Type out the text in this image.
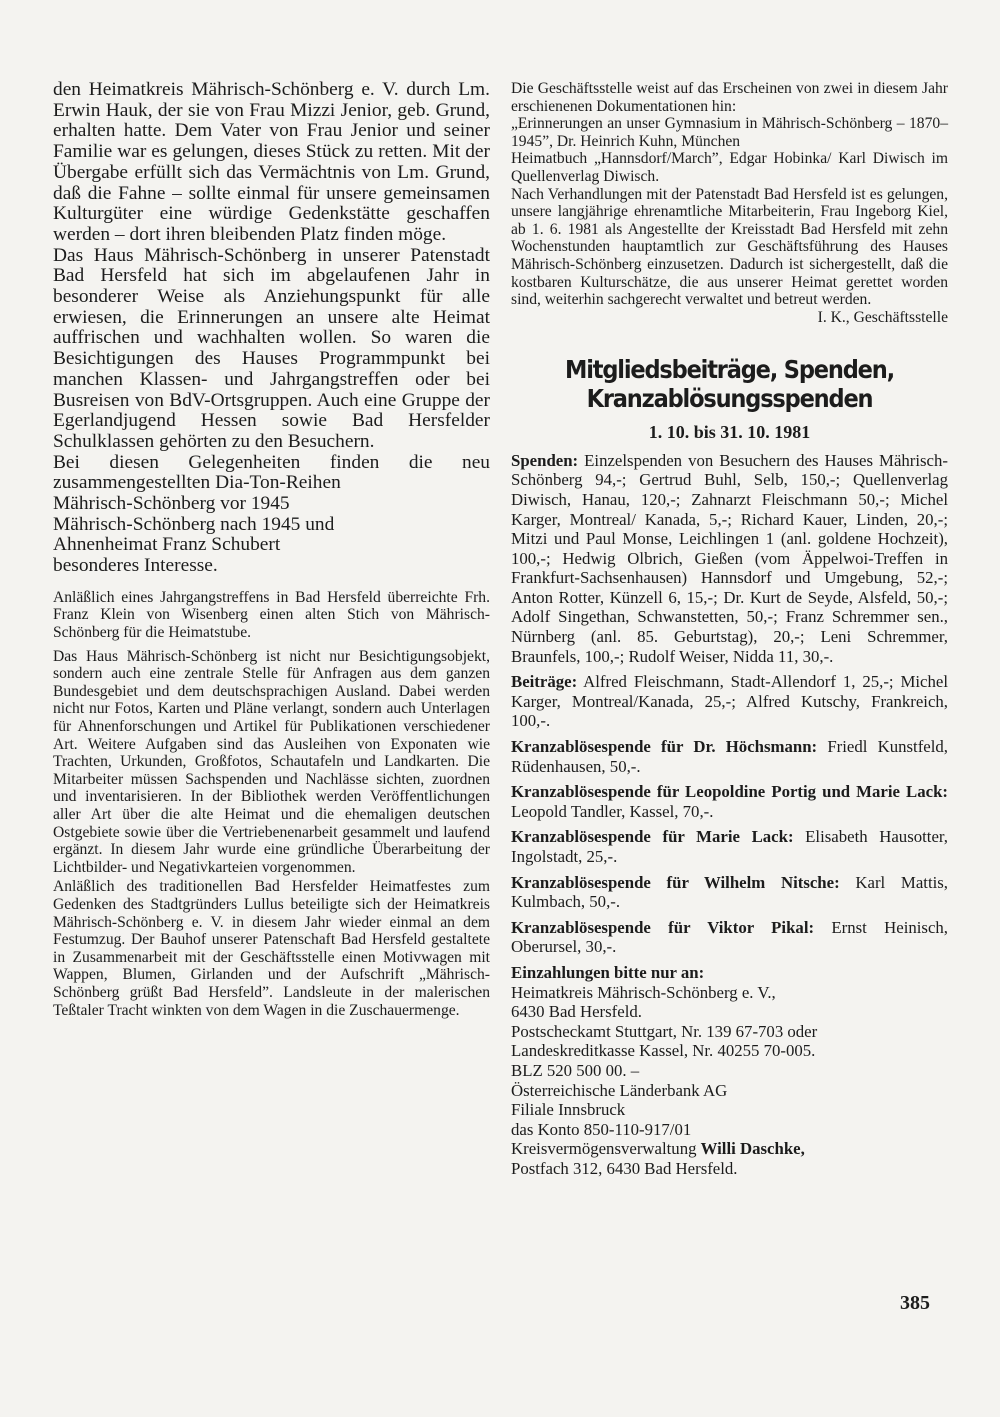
den Heimatkreis Mährisch-Schönberg e. V. durch Lm. Erwin Hauk, der sie von Frau Mizzi Jenior, geb. Grund, erhalten hatte. Dem Vater von Frau Jenior und seiner Familie war es gelungen, dieses Stück zu retten. Mit der Übergabe erfüllt sich das Vermächtnis von Lm. Grund, daß die Fahne – sollte einmal für unsere gemeinsamen Kulturgüter eine würdige Gedenkstätte geschaffen werden – dort ihren bleibenden Platz finden möge.

Das Haus Mährisch-Schönberg in unserer Patenstadt Bad Hersfeld hat sich im abgelaufenen Jahr in besonderer Weise als Anziehungspunkt für alle erwiesen, die Erinnerungen an unsere alte Heimat auffrischen und wachhalten wollen. So waren die Besichtigungen des Hauses Programmpunkt bei manchen Klassen- und Jahrgangstreffen oder bei Busreisen von BdV-Ortsgruppen. Auch eine Gruppe der Egerlandjugend Hessen sowie Bad Hersfelder Schulklassen gehörten zu den Besuchern.

Bei diesen Gelegenheiten finden die neu zusammengestellten Dia-Ton-Reihen

Mährisch-Schönberg vor 1945
Mährisch-Schönberg nach 1945 und
Ahnenheimat Franz Schubert
besonderes Interesse.

Anläßlich eines Jahrgangstreffens in Bad Hersfeld überreichte Frh. Franz Klein von Wisenberg einen alten Stich von Mährisch-Schönberg für die Heimatstube.

Das Haus Mährisch-Schönberg ist nicht nur Besichtigungsobjekt, sondern auch eine zentrale Stelle für Anfragen aus dem ganzen Bundesgebiet und dem deutschsprachigen Ausland. Dabei werden nicht nur Fotos, Karten und Pläne verlangt, sondern auch Unterlagen für Ahnenforschungen und Artikel für Publikationen verschiedener Art. Weitere Aufgaben sind das Ausleihen von Exponaten wie Trachten, Urkunden, Großfotos, Schautafeln und Landkarten. Die Mitarbeiter müssen Sachspenden und Nachlässe sichten, zuordnen und inventarisieren. In der Bibliothek werden Veröffentlichungen aller Art über die alte Heimat und die ehemaligen deutschen Ostgebiete sowie über die Vertriebenenarbeit gesammelt und laufend ergänzt. In diesem Jahr wurde eine gründliche Überarbeitung der Lichtbilder- und Negativkarteien vorgenommen.

Anläßlich des traditionellen Bad Hersfelder Heimatfestes zum Gedenken des Stadtgründers Lullus beteiligte sich der Heimatkreis Mährisch-Schönberg e. V. in diesem Jahr wieder einmal an dem Festumzug. Der Bauhof unserer Patenschaft Bad Hersfeld gestaltete in Zusammenarbeit mit der Geschäftsstelle einen Motivwagen mit Wappen, Blumen, Girlanden und der Aufschrift „Mährisch-Schönberg grüßt Bad Hersfeld”. Landsleute in der malerischen Teßtaler Tracht winkten von dem Wagen in die Zuschauermenge.

Die Geschäftsstelle weist auf das Erscheinen von zwei in diesem Jahr erschienenen Dokumentationen hin:

„Erinnerungen an unser Gymnasium in Mährisch-Schönberg – 1870–1945”, Dr. Heinrich Kuhn, München

Heimatbuch „Hannsdorf/March”, Edgar Hobinka/ Karl Diwisch im Quellenverlag Diwisch.

Nach Verhandlungen mit der Patenstadt Bad Hersfeld ist es gelungen, unsere langjährige ehrenamtliche Mitarbeiterin, Frau Ingeborg Kiel, ab 1. 6. 1981 als Angestellte der Kreisstadt Bad Hersfeld mit zehn Wochenstunden hauptamtlich zur Geschäftsführung des Hauses Mährisch-Schönberg einzusetzen. Dadurch ist sichergestellt, daß die kostbaren Kulturschätze, die aus unserer Heimat gerettet worden sind, weiterhin sachgerecht verwaltet und betreut werden.
I. K., Geschäftsstelle

Mitgliedsbeiträge, Spenden,
Kranzablösungsspenden
1. 10. bis 31. 10. 1981

Spenden: Einzelspenden von Besuchern des Hauses Mährisch-Schönberg 94,-; Gertrud Buhl, Selb, 150,-; Quellenverlag Diwisch, Hanau, 120,-; Zahnarzt Fleischmann 50,-; Michel Karger, Montreal/ Kanada, 5,-; Richard Kauer, Linden, 20,-; Mitzi und Paul Monse, Leichlingen 1 (anl. goldene Hochzeit), 100,-; Hedwig Olbrich, Gießen (vom Äppelwoi-Treffen in Frankfurt-Sachsenhausen) Hannsdorf und Umgebung, 52,-; Anton Rotter, Künzell 6, 15,-; Dr. Kurt de Seyde, Alsfeld, 50,-; Adolf Singethan, Schwanstetten, 50,-; Franz Schremmer sen., Nürnberg (anl. 85. Geburtstag), 20,-; Leni Schremmer, Braunfels, 100,-; Rudolf Weiser, Nidda 11, 30,-.

Beiträge: Alfred Fleischmann, Stadt-Allendorf 1, 25,-; Michel Karger, Montreal/Kanada, 25,-; Alfred Kutschy, Frankreich, 100,-.

Kranzablösespende für Dr. Höchsmann: Friedl Kunstfeld, Rüdenhausen, 50,-.

Kranzablösespende für Leopoldine Portig und Marie Lack: Leopold Tandler, Kassel, 70,-.

Kranzablösespende für Marie Lack: Elisabeth Hausotter, Ingolstadt, 25,-.

Kranzablösespende für Wilhelm Nitsche: Karl Mattis, Kulmbach, 50,-.

Kranzablösespende für Viktor Pikal: Ernst Heinisch, Oberursel, 30,-.

Einzahlungen bitte nur an:
Heimatkreis Mährisch-Schönberg e. V.,
6430 Bad Hersfeld.
Postscheckamt Stuttgart, Nr. 139 67-703 oder
Landeskreditkasse Kassel, Nr. 40255 70-005.
BLZ 520 500 00. –
Österreichische Länderbank AG
Filiale Innsbruck
das Konto 850-110-917/01
Kreisvermögensverwaltung Willi Daschke,
Postfach 312, 6430 Bad Hersfeld.
385
